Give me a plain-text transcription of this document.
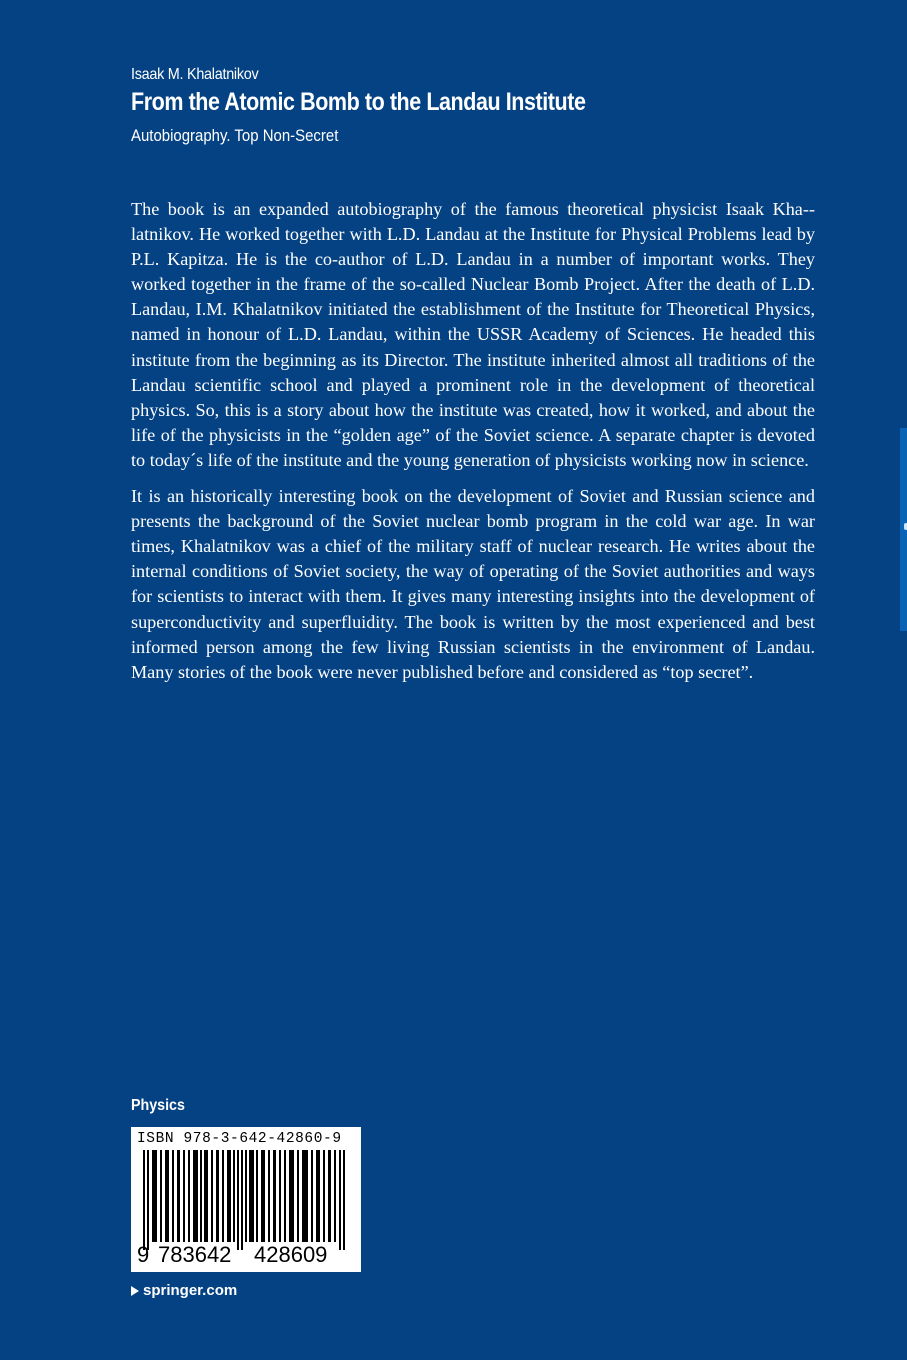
Isaak M. Khalatnikov
From the Atomic Bomb to the Landau Institute
Autobiography. Top Non-Secret

The book is an expanded autobiography of the famous theoretical physicist Isaak Kha-latnikov. He worked together with L.D. Landau at the Institute for Physical Problems lead by P.L. Kapitza. He is the co-author of L.D. Landau in a number of important works. They worked together in the frame of the so-called Nuclear Bomb Project. After the death of L.D. Landau, I.M. Khalatnikov initiated the establishment of the Institute for Theoretical Physics, named in honour of L.D. Landau, within the USSR Academy of Sciences. He headed this institute from the beginning as its Director. The institute inherited almost all traditions of the Landau scientific school and played a prominent role in the development of theoretical physics. So, this is a story about how the institute was created, how it worked, and about the life of the physicists in the “golden age” of the Soviet science. A separate chapter is devoted to today´s life of the institute and the young generation of physicists working now in science.

It is an historically interesting book on the development of Soviet and Russian science and presents the background of the Soviet nuclear bomb program in the cold war age. In war times, Khalatnikov was a chief of the military staff of nuclear research. He writes about the internal conditions of Soviet society, the way of operating of the Soviet authorities and ways for scientists to interact with them. It gives many interesting insights into the development of superconductivity and superfluidity. The book is written by the most experienced and best informed person among the few living Russian scientists in the environment of Landau. Many stories of the book were never published before and considered as “top secret”.

Physics
ISBN 978-3-642-42860-9
9 783642 428609
springer.com
